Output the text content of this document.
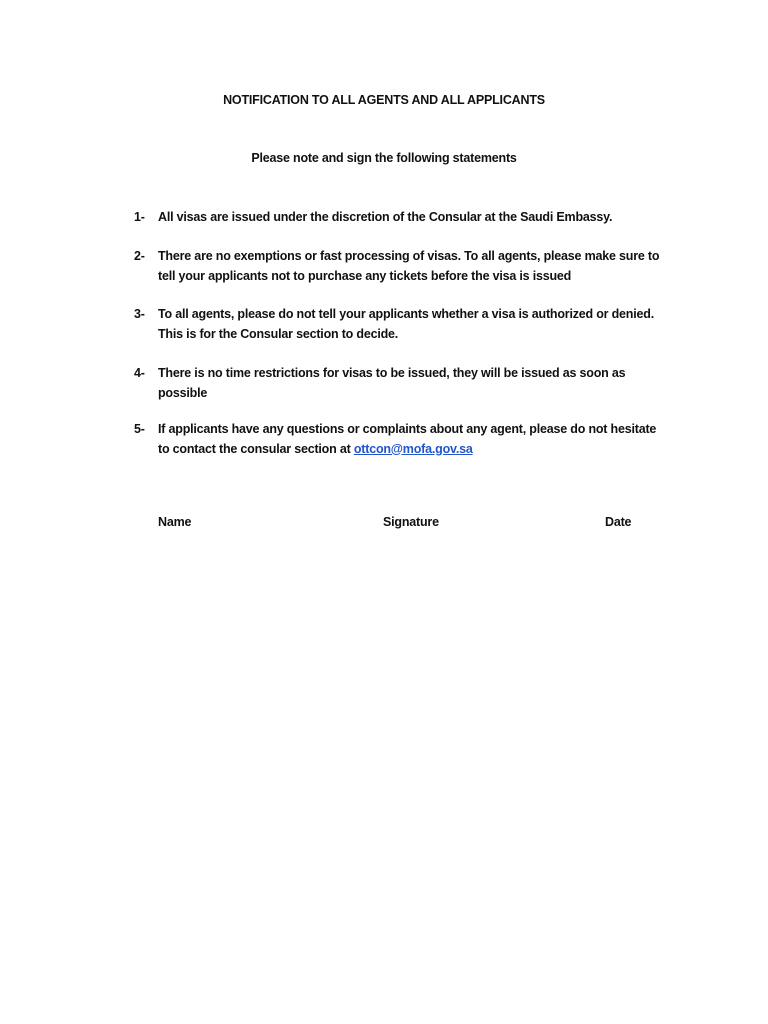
NOTIFICATION TO ALL AGENTS AND ALL APPLICANTS
Please note and sign the following statements
1-	All visas are issued under the discretion of the Consular at the Saudi Embassy.
2-	There are no exemptions or fast processing of visas. To all agents, please make sure to
tell your applicants not to purchase any tickets before the visa is issued
3-	To all agents, please do not tell your applicants whether a visa is authorized or denied.
This is for the Consular section to decide.
4-	There is no time restrictions for visas to be issued, they will be issued as soon as
possible
5-	If applicants have any questions or complaints about any agent, please do not hesitate
to contact the consular section at ottcon@mofa.gov.sa
Name	Signature	Date
